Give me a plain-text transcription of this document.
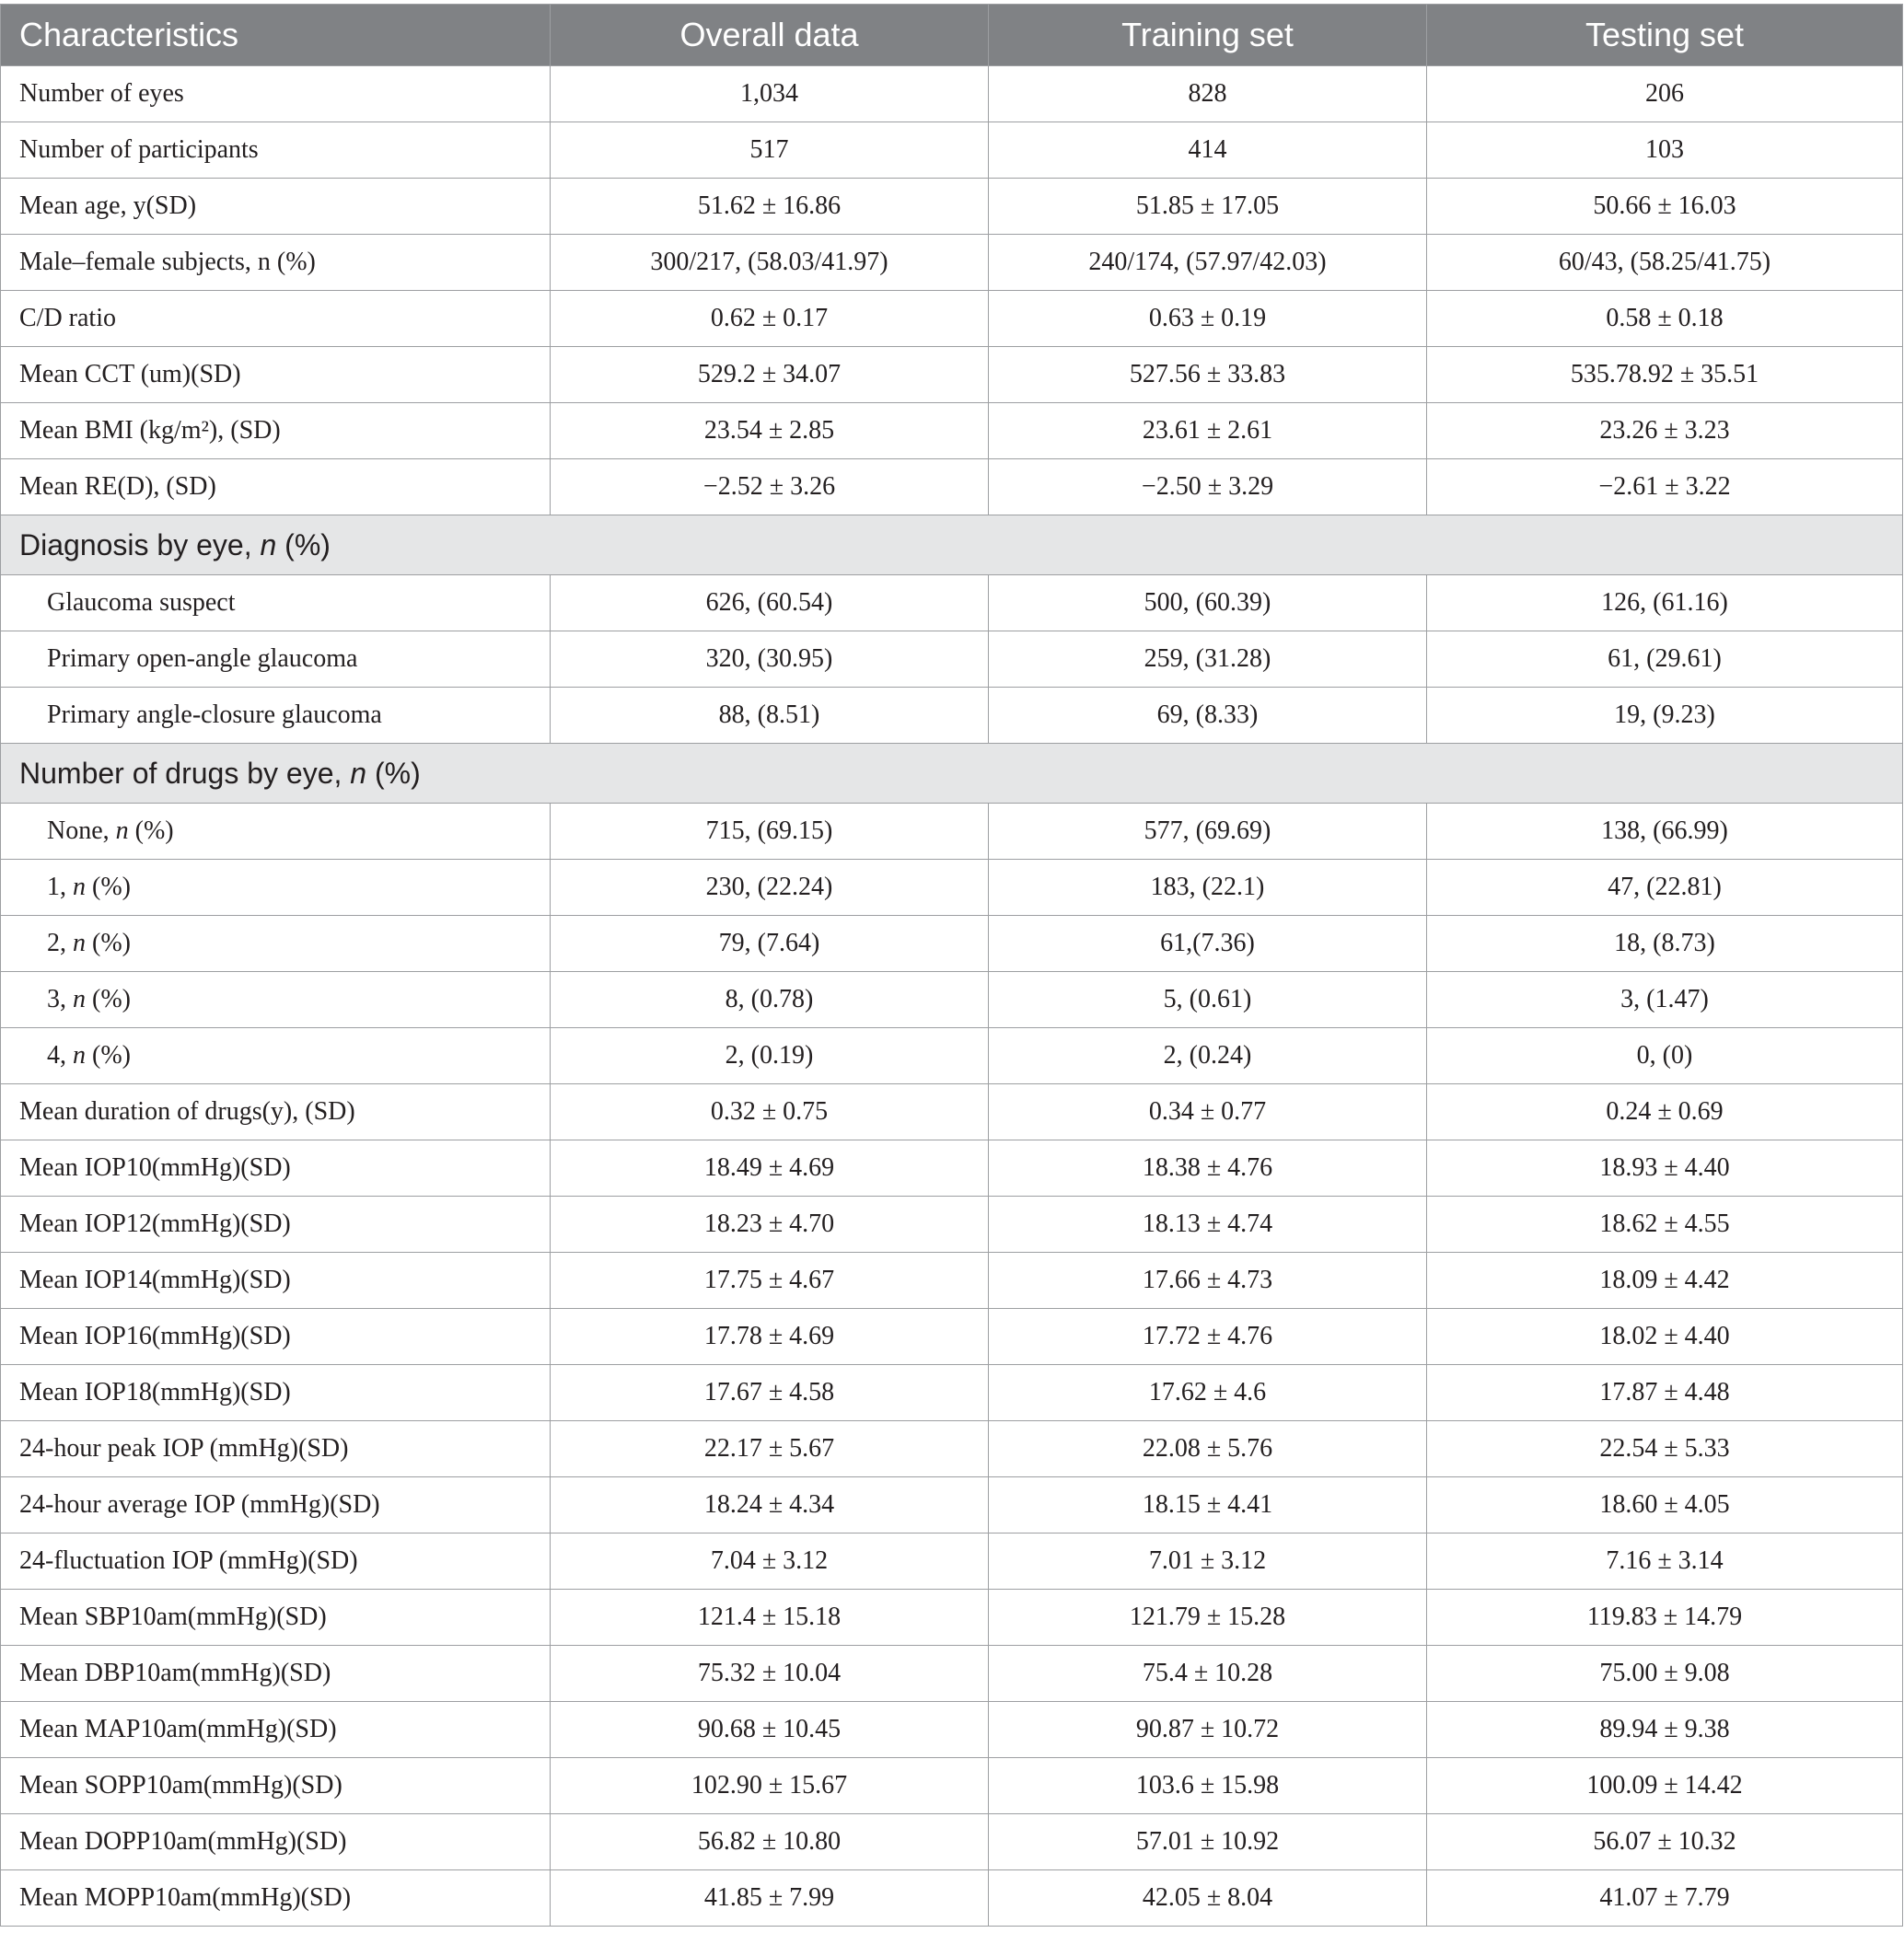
Characteristics	Overall data	Training set	Testing set
Number of eyes	1,034	828	206
Number of participants	517	414	103
Mean age, y(SD)	51.62 ± 16.86	51.85 ± 17.05	50.66 ± 16.03
Male–female subjects, n (%)	300/217, (58.03/41.97)	240/174, (57.97/42.03)	60/43, (58.25/41.75)
C/D ratio	0.62 ± 0.17	0.63 ± 0.19	0.58 ± 0.18
Mean CCT (um)(SD)	529.2 ± 34.07	527.56 ± 33.83	535.78.92 ± 35.51
Mean BMI (kg/m²), (SD)	23.54 ± 2.85	23.61 ± 2.61	23.26 ± 3.23
Mean RE(D), (SD)	−2.52 ± 3.26	−2.50 ± 3.29	−2.61 ± 3.22
Diagnosis by eye, n (%)			
Glaucoma suspect	626, (60.54)	500, (60.39)	126, (61.16)
Primary open-angle glaucoma	320, (30.95)	259, (31.28)	61, (29.61)
Primary angle-closure glaucoma	88, (8.51)	69, (8.33)	19, (9.23)
Number of drugs by eye, n (%)			
None, n (%)	715, (69.15)	577, (69.69)	138, (66.99)
1, n (%)	230, (22.24)	183, (22.1)	47, (22.81)
2, n (%)	79, (7.64)	61,(7.36)	18, (8.73)
3, n (%)	8, (0.78)	5, (0.61)	3, (1.47)
4, n (%)	2, (0.19)	2, (0.24)	0, (0)
Mean duration of drugs(y), (SD)	0.32 ± 0.75	0.34 ± 0.77	0.24 ± 0.69
Mean IOP10(mmHg)(SD)	18.49 ± 4.69	18.38 ± 4.76	18.93 ± 4.40
Mean IOP12(mmHg)(SD)	18.23 ± 4.70	18.13 ± 4.74	18.62 ± 4.55
Mean IOP14(mmHg)(SD)	17.75 ± 4.67	17.66 ± 4.73	18.09 ± 4.42
Mean IOP16(mmHg)(SD)	17.78 ± 4.69	17.72 ± 4.76	18.02 ± 4.40
Mean IOP18(mmHg)(SD)	17.67 ± 4.58	17.62 ± 4.6	17.87 ± 4.48
24-hour peak IOP (mmHg)(SD)	22.17 ± 5.67	22.08 ± 5.76	22.54 ± 5.33
24-hour average IOP (mmHg)(SD)	18.24 ± 4.34	18.15 ± 4.41	18.60 ± 4.05
24-fluctuation IOP (mmHg)(SD)	7.04 ± 3.12	7.01 ± 3.12	7.16 ± 3.14
Mean SBP10am(mmHg)(SD)	121.4 ± 15.18	121.79 ± 15.28	119.83 ± 14.79
Mean DBP10am(mmHg)(SD)	75.32 ± 10.04	75.4 ± 10.28	75.00 ± 9.08
Mean MAP10am(mmHg)(SD)	90.68 ± 10.45	90.87 ± 10.72	89.94 ± 9.38
Mean SOPP10am(mmHg)(SD)	102.90 ± 15.67	103.6 ± 15.98	100.09 ± 14.42
Mean DOPP10am(mmHg)(SD)	56.82 ± 10.80	57.01 ± 10.92	56.07 ± 10.32
Mean MOPP10am(mmHg)(SD)	41.85 ± 7.99	42.05 ± 8.04	41.07 ± 7.79
